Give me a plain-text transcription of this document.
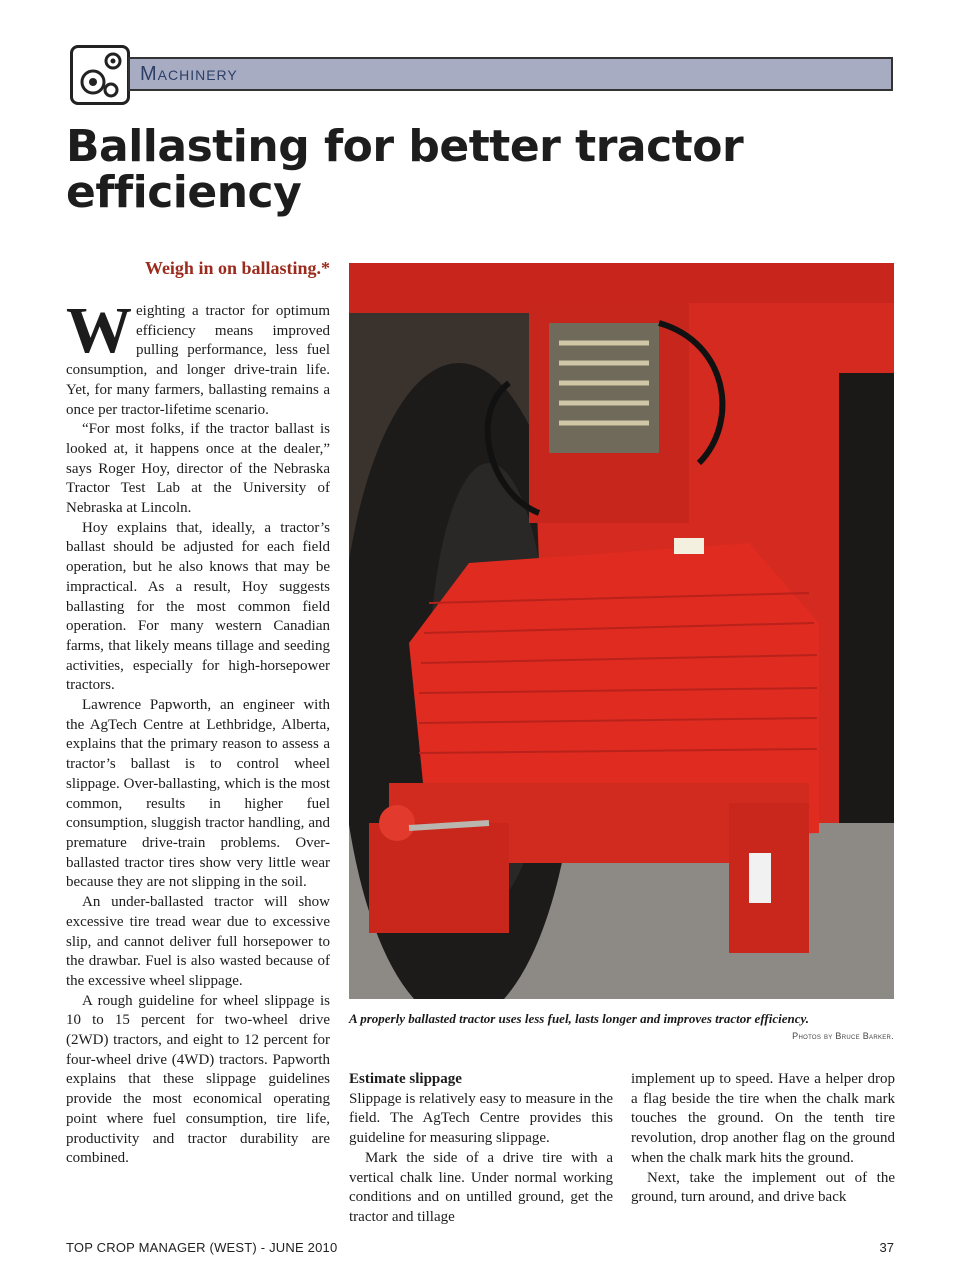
Machinery
Ballasting for better tractor efficiency
Weigh in on ballasting.*

Weighting a tractor for optimum efficiency means improved pulling performance, less fuel consumption, and longer drive-train life. Yet, for many farmers, ballasting remains a once per tractor-lifetime scenario.

“For most folks, if the tractor ballast is looked at, it happens once at the dealer,” says Roger Hoy, director of the Nebraska Tractor Test Lab at the University of Nebraska at Lincoln.

Hoy explains that, ideally, a tractor’s ballast should be adjusted for each field operation, but he also knows that may be impractical. As a result, Hoy suggests ballasting for the most common field operation. For many western Canadian farms, that likely means tillage and seeding activities, especially for high-horsepower tractors.

Lawrence Papworth, an engineer with the AgTech Centre at Lethbridge, Alberta, explains that the primary reason to assess a tractor’s ballast is to control wheel slippage. Over-ballasting, which is the most common, results in higher fuel consumption, sluggish tractor handling, and premature drive-train problems. Over-ballasted tractor tires show very little wear because they are not slipping in the soil.

An under-ballasted tractor will show excessive tire tread wear due to excessive slip, and cannot deliver full horsepower to the drawbar. Fuel is also wasted because of the excessive wheel slippage.

A rough guideline for wheel slippage is 10 to 15 percent for two-wheel drive (2WD) tractors, and eight to 12 percent for four-wheel drive (4WD) tractors. Papworth explains that these slippage guidelines provide the most economical operating point where fuel consumption, tire life, productivity and tractor durability are combined.

A properly ballasted tractor uses less fuel, lasts longer and improves tractor efficiency.
Photos by Bruce Barker.
Estimate slippage

Slippage is relatively easy to measure in the field. The AgTech Centre provides this guideline for measuring slippage.

Mark the side of a drive tire with a vertical chalk line. Under normal working conditions and on untilled ground, get the tractor and tillage

implement up to speed. Have a helper drop a flag beside the tire when the chalk mark touches the ground. On the tenth tire revolution, drop another flag on the ground when the chalk mark hits the ground.

Next, take the implement out of the ground, turn around, and drive back

TOP CROP MANAGER (WEST) - JUNE 2010	37
